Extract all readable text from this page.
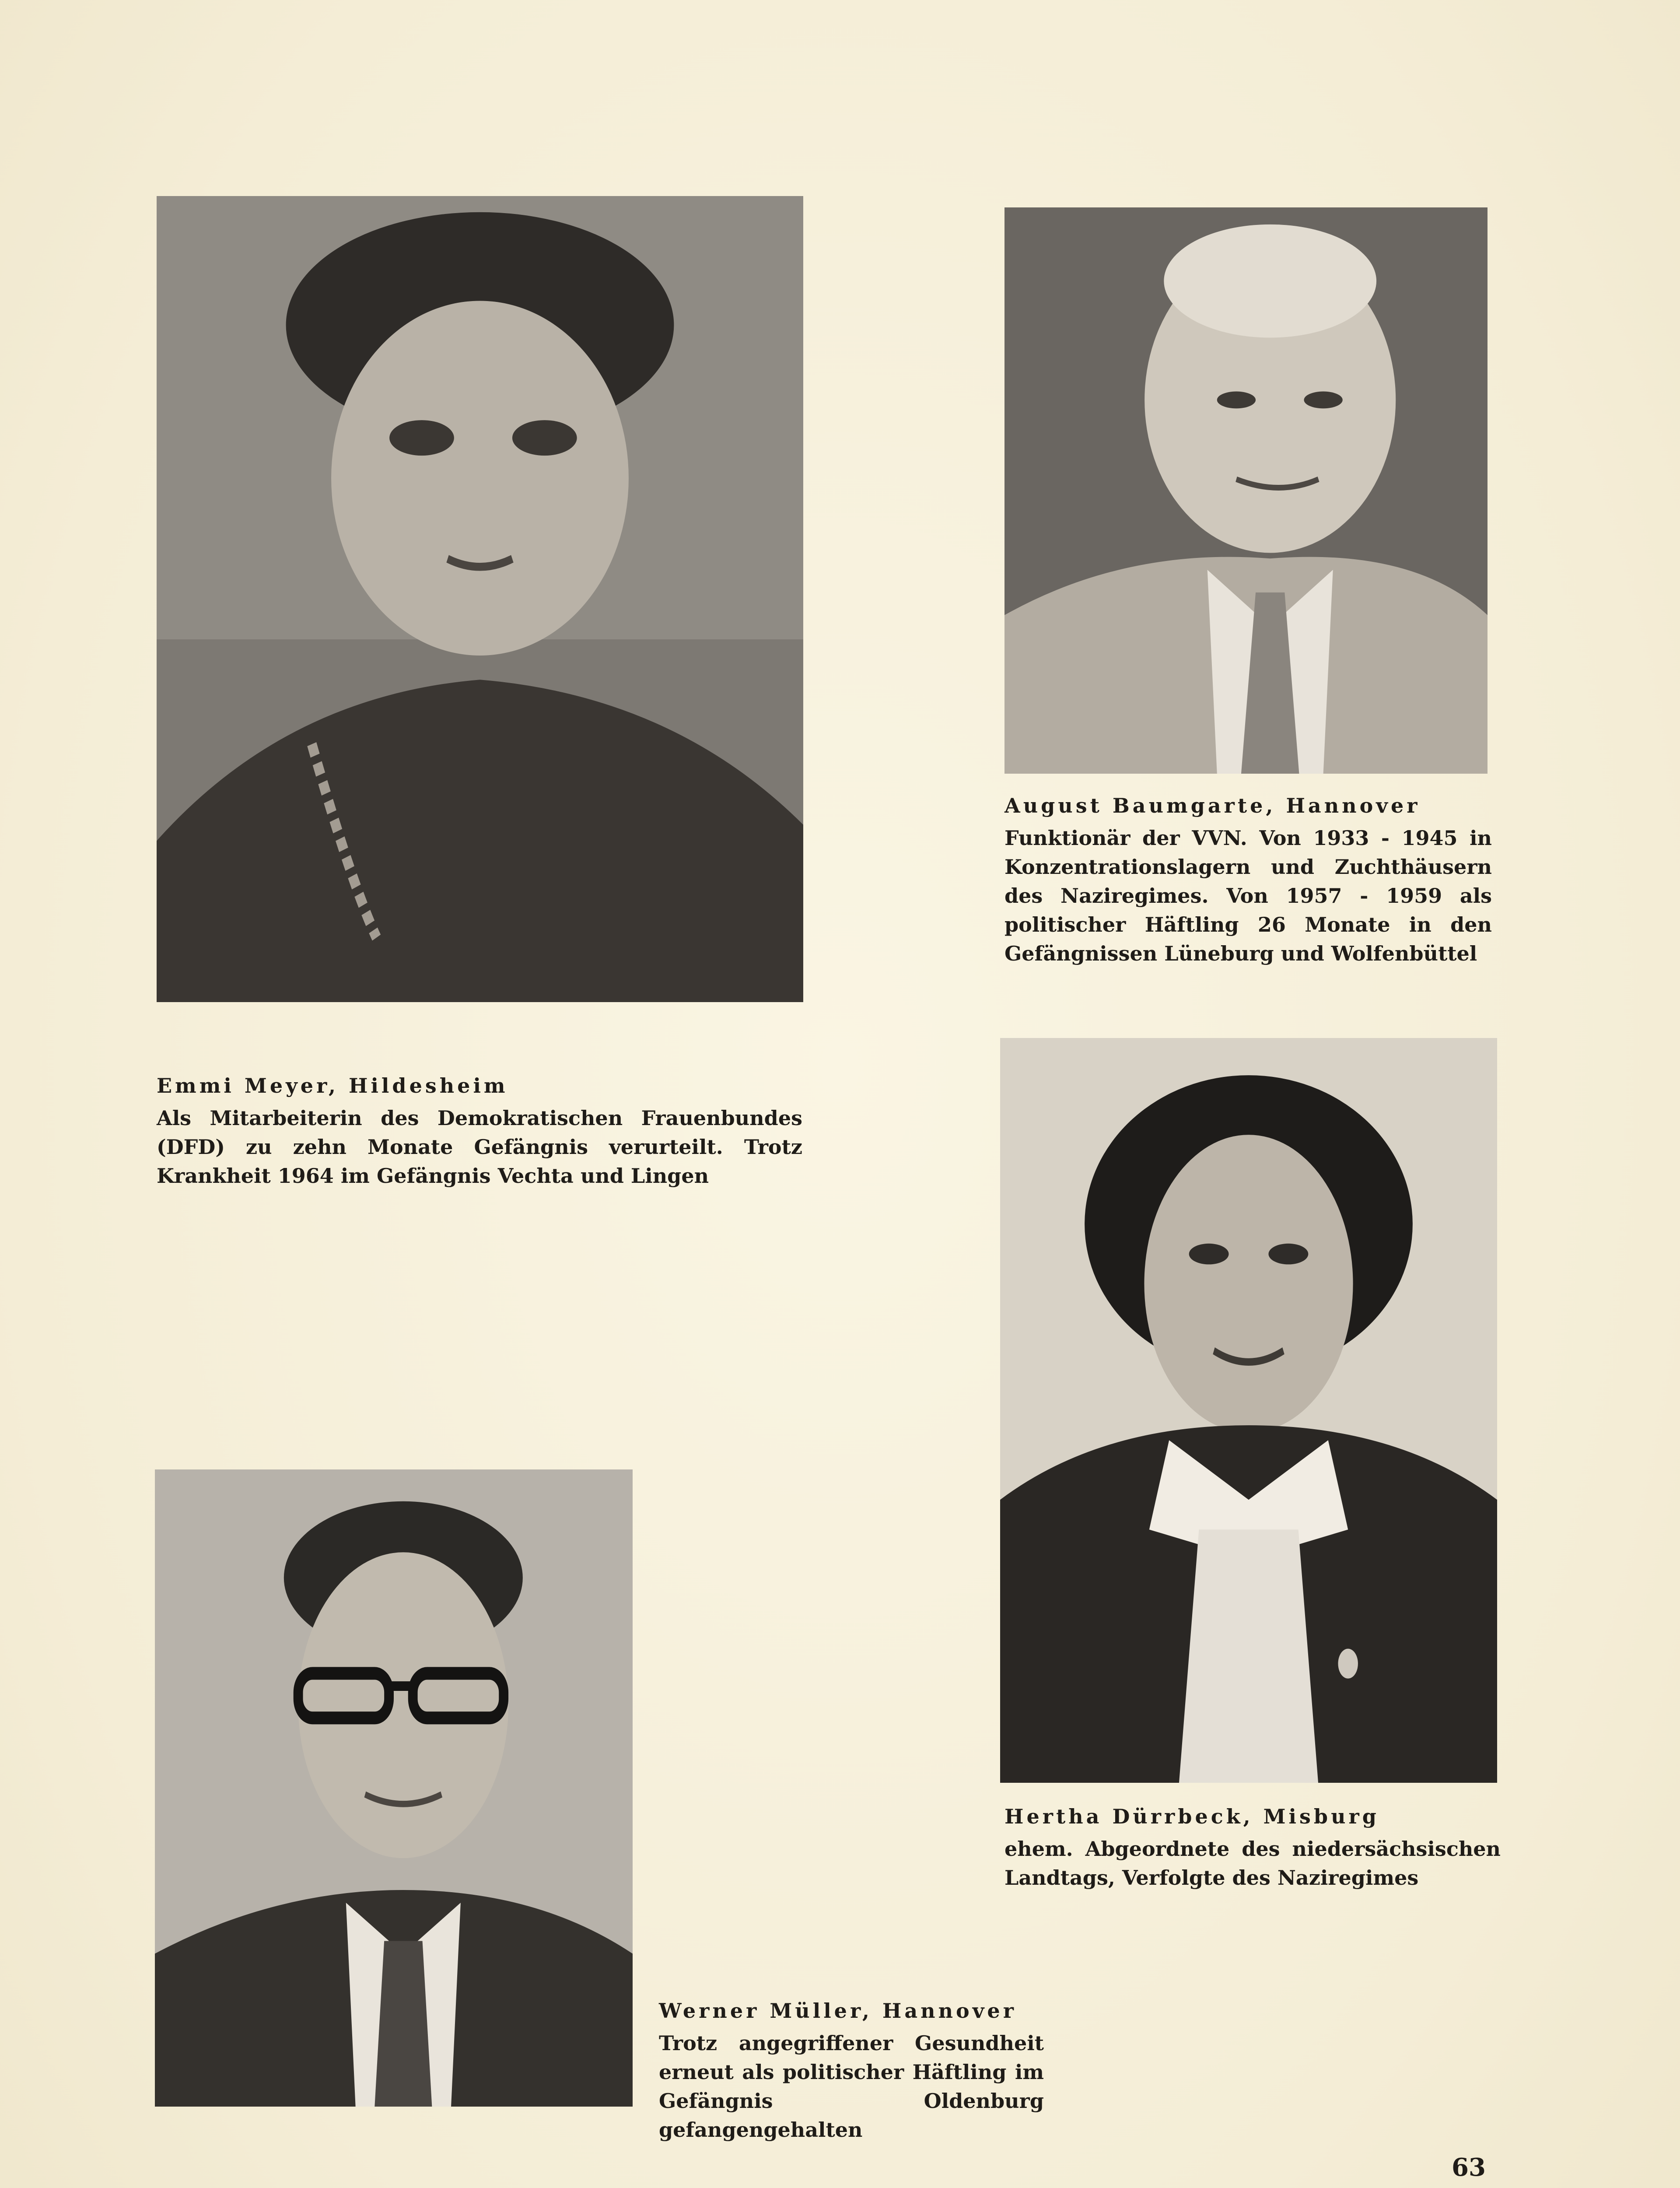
Emmi Meyer, Hildesheim
Als Mitarbeiterin des Demokratischen Frauenbundes (DFD) zu zehn Monate Gefängnis verurteilt. Trotz Krankheit 1964 im Gefängnis Vechta und Lingen
August Baumgarte, Hannover
Funktionär der VVN. Von 1933 - 1945 in Konzentrationslagern und Zuchthäusern des Naziregimes. Von 1957 - 1959 als politischer Häftling 26 Monate in den Gefängnissen Lüneburg und Wolfenbüttel
Hertha Dürrbeck, Misburg
ehem. Abgeordnete des niedersächsischen Landtags, Verfolgte des Naziregimes
Werner Müller, Hannover
Trotz angegriffener Gesundheit erneut als politischer Häftling im Gefängnis Oldenburg gefangengehalten
63
